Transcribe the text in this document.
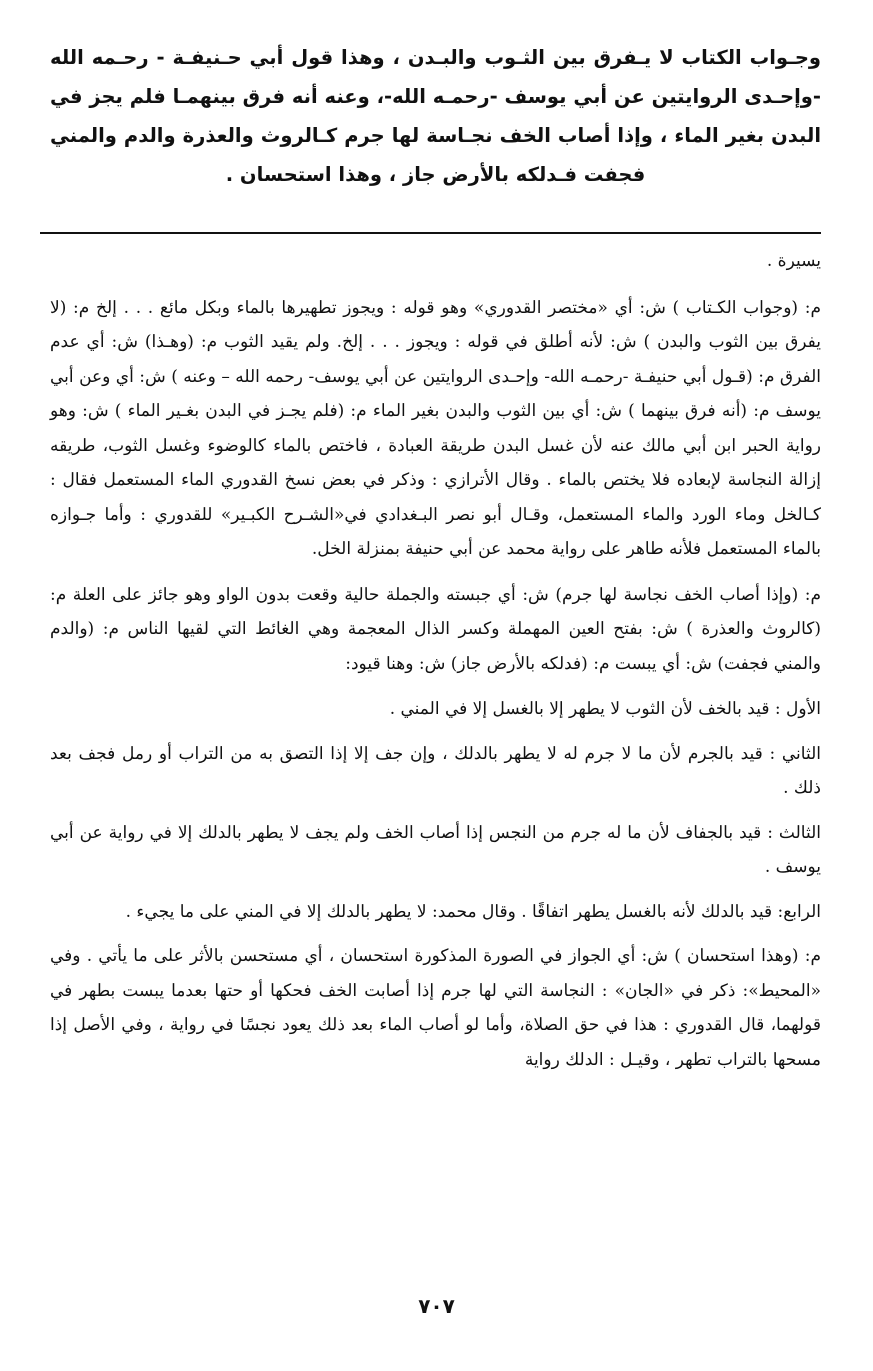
وجـواب الكتاب لا يـفرق بين الثـوب والبـدن ، وهذا قول أبي حـنيفـة - رحـمه الله -وإحـدى الروايتين عن أبي يوسف -رحمـه الله-، وعنه أنه فرق بينهمـا فلم يجز في البدن بغير الماء ، وإذا أصاب الخف نجـاسة لها جرم كـالروث والعذرة والدم والمني فجفت فـدلكه بالأرض جاز ، وهذا استحسان .

يسيرة .

م: (وجواب الكـتاب ) ش: أي «مختصر القدوري» وهو قوله : ويجوز تطهيرها بالماء وبكل مائع . . . إلخ م: (لا يفرق بين الثوب والبدن ) ش: لأنه أطلق في قوله : ويجوز . . . إلخ. ولم يقيد الثوب م: (وهـذا) ش: أي عدم الفرق م: (قـول أبي حنيفـة -رحمـه الله- وإحـدى الروايتين عن أبي يوسف- رحمه الله – وعنه ) ش: أي وعن أبي يوسف م: (أنه فرق بينهما ) ش: أي بين الثوب والبدن بغير الماء م: (فلم يجـز في البدن بغـير الماء ) ش: وهو رواية الحبر ابن أبي مالك عنه لأن غسل البدن طريقة العبادة ، فاختص بالماء كالوضوء وغسل الثوب، طريقه إزالة النجاسة لإبعاده فلا يختص بالماء . وقال الأترازي : وذكر في بعض نسخ القدوري الماء المستعمل فقال : كـالخل وماء الورد والماء المستعمل، وقـال أبو نصر البـغدادي في«الشـرح الكبـير» للقدوري : وأما جـوازه بالماء المستعمل فلأنه طاهر على رواية محمد عن أبي حنيفة بمنزلة الخل.

م: (وإذا أصاب الخف نجاسة لها جرم) ش: أي جبسته والجملة حالية وقعت بدون الواو وهو جائز على العلة م: (كالروث والعذرة ) ش: بفتح العين المهملة وكسر الذال المعجمة وهي الغائط التي لقيها الناس م: (والدم والمني فجفت) ش: أي يبست م: (فدلكه بالأرض جاز) ش: وهنا قيود:

الأول : قيد بالخف لأن الثوب لا يطهر إلا بالغسل إلا في المني .

الثاني : قيد بالجرم لأن ما لا جرم له لا يطهر بالدلك ، وإن جف إلا إذا التصق به من التراب أو رمل فجف بعد ذلك .

الثالث : قيد بالجفاف لأن ما له جرم من النجس إذا أصاب الخف ولم يجف لا يطهر بالدلك إلا في رواية عن أبي يوسف .

الرابع: قيد بالدلك لأنه بالغسل يطهر اتفاقًا . وقال محمد: لا يطهر بالدلك إلا في المني على ما يجيء .

م: (وهذا استحسان ) ش: أي الجواز في الصورة المذكورة استحسان ، أي مستحسن بالأثر على ما يأتي . وفي «المحيط»: ذكر في «الجان» : النجاسة التي لها جرم إذا أصابت الخف فحكها أو حتها بعدما يبست بطهر في قولهما، قال القدوري : هذا في حق الصلاة، وأما لو أصاب الماء بعد ذلك يعود نجسًا في رواية ، وفي الأصل إذا مسحها بالتراب تطهر ، وقيـل : الدلك رواية

٧٠٧
